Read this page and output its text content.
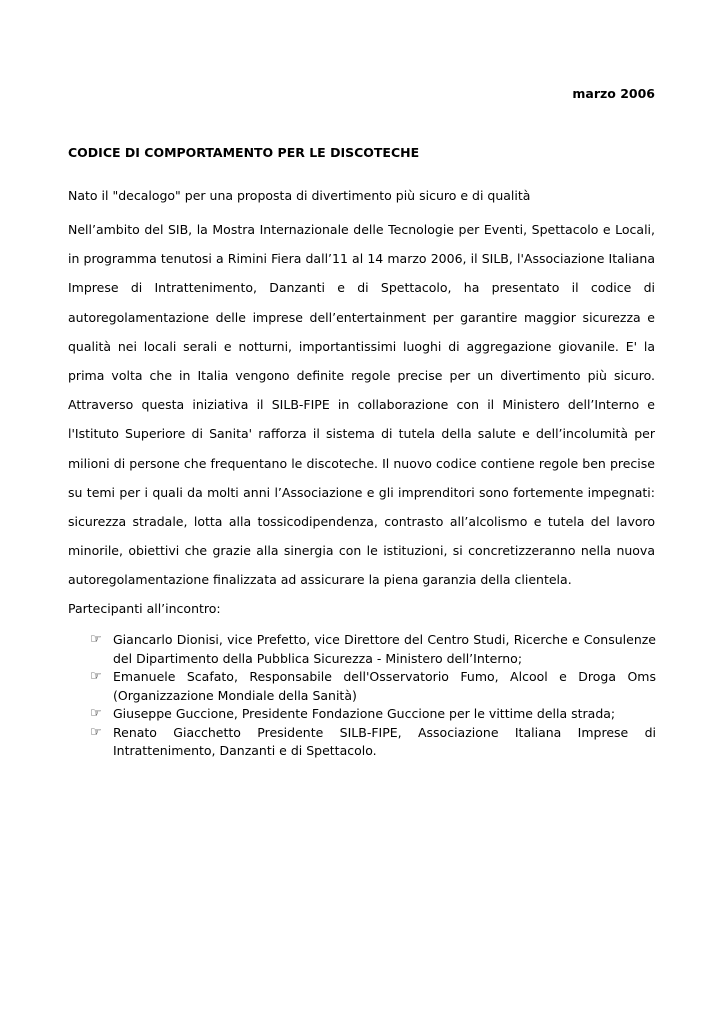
marzo 2006
CODICE DI COMPORTAMENTO PER LE DISCOTECHE
Nato il "decalogo" per una proposta di divertimento più sicuro e di qualità
Nell’ambito del SIB, la Mostra Internazionale delle Tecnologie per Eventi, Spettacolo e Locali, in programma tenutosi a Rimini Fiera dall’11 al 14 marzo 2006, il SILB, l'Associazione Italiana Imprese di Intrattenimento, Danzanti e di Spettacolo, ha presentato il codice di autoregolamentazione delle imprese dell’entertainment per garantire maggior sicurezza e qualità nei locali serali e notturni, importantissimi luoghi di aggregazione giovanile. E' la prima volta che in Italia vengono definite regole precise per un divertimento più sicuro. Attraverso questa iniziativa il SILB-FIPE in collaborazione con il Ministero dell’Interno e l'Istituto Superiore di Sanita' rafforza il sistema di tutela della salute e dell’incolumità per milioni di persone che frequentano le discoteche. Il nuovo codice contiene regole ben precise su temi per i quali da molti anni l’Associazione e gli imprenditori sono fortemente impegnati: sicurezza stradale, lotta alla tossicodipendenza, contrasto all’alcolismo e tutela del lavoro minorile, obiettivi che grazie alla sinergia con le istituzioni, si concretizzeranno nella nuova autoregolamentazione finalizzata ad assicurare la piena garanzia della clientela.
Partecipanti all’incontro:
☞ Giancarlo Dionisi, vice Prefetto, vice Direttore del Centro Studi, Ricerche e Consulenze del Dipartimento della Pubblica Sicurezza - Ministero dell’Interno;
☞ Emanuele Scafato, Responsabile dell'Osservatorio Fumo, Alcool e Droga Oms (Organizzazione Mondiale della Sanità)
☞ Giuseppe Guccione, Presidente Fondazione Guccione per le vittime della strada;
☞ Renato Giacchetto Presidente SILB-FIPE, Associazione Italiana Imprese di Intrattenimento, Danzanti e di Spettacolo.
